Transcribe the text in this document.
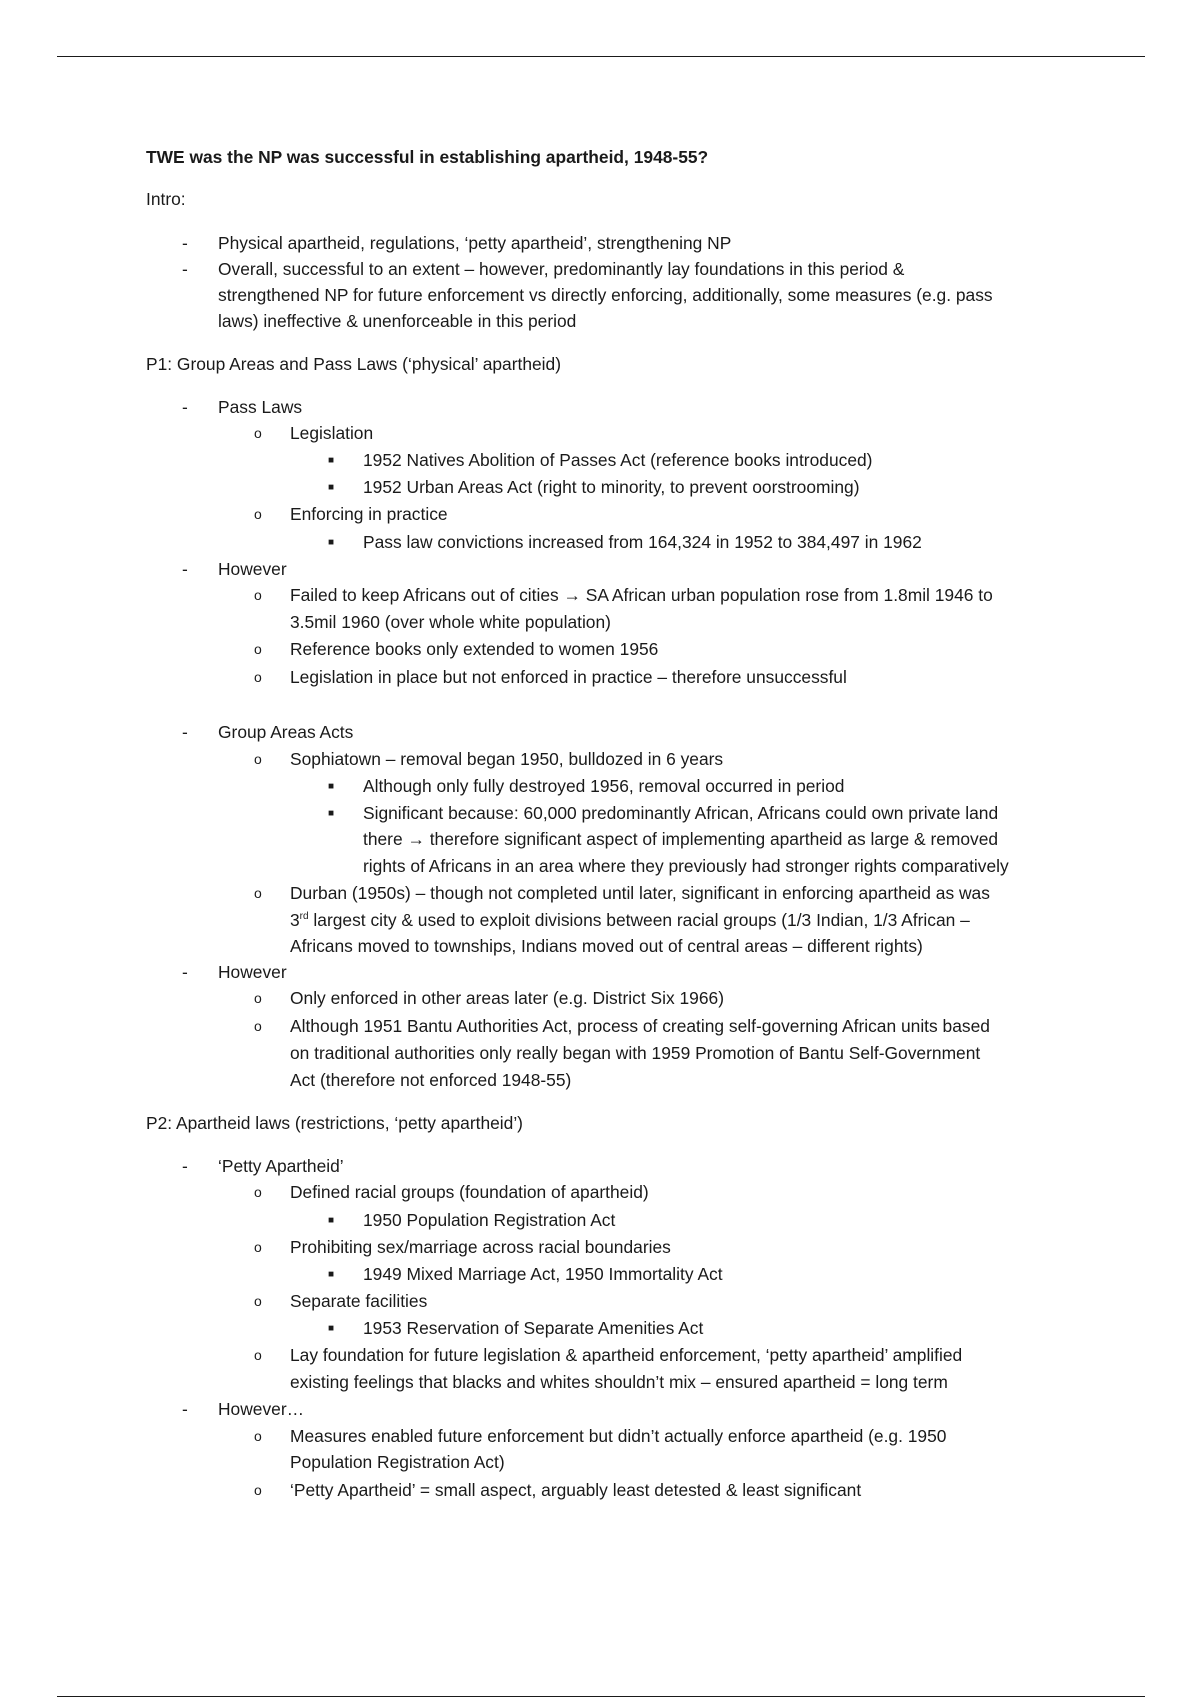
TWE was the NP was successful in establishing apartheid, 1948-55?
Intro:
- Physical apartheid, regulations, ‘petty apartheid’, strengthening NP
- Overall, successful to an extent – however, predominantly lay foundations in this period &
strengthened NP for future enforcement vs directly enforcing, additionally, some measures (e.g. pass
laws) ineffective & unenforceable in this period
P1: Group Areas and Pass Laws (‘physical’ apartheid)
- Pass Laws
o Legislation
■ 1952 Natives Abolition of Passes Act (reference books introduced)
■ 1952 Urban Areas Act (right to minority, to prevent oorstrooming)
o Enforcing in practice
■ Pass law convictions increased from 164,324 in 1952 to 384,497 in 1962
- However
o Failed to keep Africans out of cities → SA African urban population rose from 1.8mil 1946 to
3.5mil 1960 (over whole white population)
o Reference books only extended to women 1956
o Legislation in place but not enforced in practice – therefore unsuccessful
- Group Areas Acts
o Sophiatown – removal began 1950, bulldozed in 6 years
■ Although only fully destroyed 1956, removal occurred in period
■ Significant because: 60,000 predominantly African, Africans could own private land
there → therefore significant aspect of implementing apartheid as large & removed
rights of Africans in an area where they previously had stronger rights comparatively
o Durban (1950s) – though not completed until later, significant in enforcing apartheid as was
3rd largest city & used to exploit divisions between racial groups (1/3 Indian, 1/3 African –
Africans moved to townships, Indians moved out of central areas – different rights)
- However
o Only enforced in other areas later (e.g. District Six 1966)
o Although 1951 Bantu Authorities Act, process of creating self-governing African units based
on traditional authorities only really began with 1959 Promotion of Bantu Self-Government
Act (therefore not enforced 1948-55)
P2: Apartheid laws (restrictions, ‘petty apartheid’)
- ‘Petty Apartheid’
o Defined racial groups (foundation of apartheid)
■ 1950 Population Registration Act
o Prohibiting sex/marriage across racial boundaries
■ 1949 Mixed Marriage Act, 1950 Immortality Act
o Separate facilities
■ 1953 Reservation of Separate Amenities Act
o Lay foundation for future legislation & apartheid enforcement, ‘petty apartheid’ amplified
existing feelings that blacks and whites shouldn’t mix – ensured apartheid = long term
- However…
o Measures enabled future enforcement but didn’t actually enforce apartheid (e.g. 1950
Population Registration Act)
o ‘Petty Apartheid’ = small aspect, arguably least detested & least significant
